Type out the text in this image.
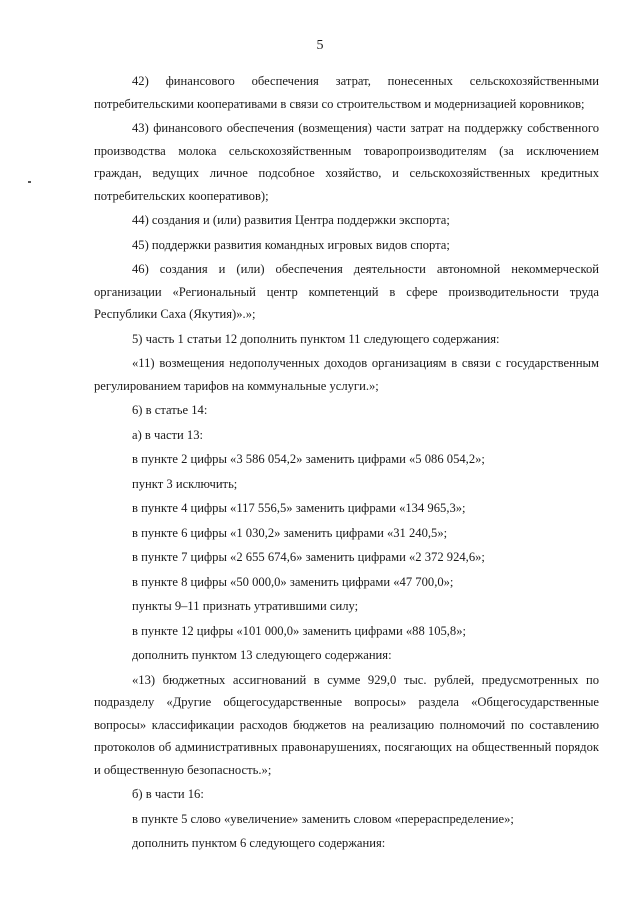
5

42) финансового обеспечения затрат, понесенных сельскохозяйственными потребительскими кооперативами в связи со строительством и модернизацией коровников;

43) финансового обеспечения (возмещения) части затрат на поддержку собственного производства молока сельскохозяйственным товаропроизводителям (за исключением граждан, ведущих личное подсобное хозяйство, и сельскохозяйственных кредитных потребительских кооперативов);

44) создания и (или) развития Центра поддержки экспорта;

45) поддержки развития командных игровых видов спорта;

46) создания и (или) обеспечения деятельности автономной некоммерческой организации «Региональный центр компетенций в сфере производительности труда Республики Саха (Якутия)».»;

5) часть 1 статьи 12 дополнить пунктом 11 следующего содержания:

«11) возмещения недополученных доходов организациям в связи с государственным регулированием тарифов на коммунальные услуги.»;

6) в статье 14:

а) в части 13:

в пункте 2 цифры «3 586 054,2» заменить цифрами «5 086 054,2»;

пункт 3 исключить;

в пункте 4 цифры «117 556,5» заменить цифрами «134 965,3»;

в пункте 6 цифры «1 030,2» заменить цифрами «31 240,5»;

в пункте 7 цифры «2 655 674,6» заменить цифрами «2 372 924,6»;

в пункте 8 цифры «50 000,0» заменить цифрами «47 700,0»;

пункты 9–11 признать утратившими силу;

в пункте 12 цифры «101 000,0» заменить цифрами «88 105,8»;

дополнить пунктом 13 следующего содержания:

«13) бюджетных ассигнований в сумме 929,0 тыс. рублей, предусмотренных по подразделу «Другие общегосударственные вопросы» раздела «Общегосударственные вопросы» классификации расходов бюджетов на реализацию полномочий по составлению протоколов об административных правонарушениях, посягающих на общественный порядок и общественную безопасность.»;

б) в части 16:

в пункте 5 слово «увеличение» заменить словом «перераспределение»;

дополнить пунктом 6 следующего содержания:
